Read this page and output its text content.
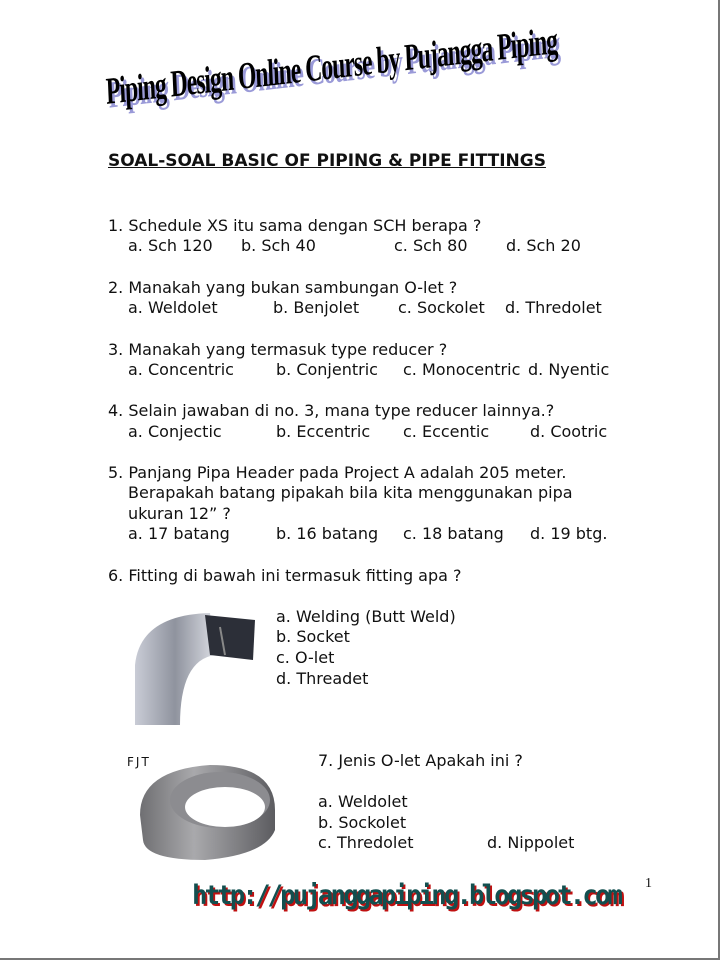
Piping Design Online Course by Pujangga Piping
SOAL-SOAL BASIC OF PIPING & PIPE FITTINGS
1. Schedule XS itu sama dengan SCH berapa ?
a. Sch 120 b. Sch 40	c. Sch 80 d. Sch 20
2. Manakah yang bukan sambungan O-let ?
a. Weldolet	b. Benjolet c. Sockolet d. Thredolet
3. Manakah yang termasuk type reducer ?
a. Concentric	b. Conjentric c. Monocentric d. Nyentic
4. Selain jawaban di no. 3, mana type reducer lainnya.?
a. Conjectic	b. Eccentric c. Eccentic	d. Cootric
5. Panjang Pipa Header pada Project A adalah 205 meter.
Berapakah batang pipakah bila kita menggunakan pipa
ukuran 12” ?
a. 17 batang	b. 16 batang c. 18 batang d. 19 btg.
6. Fitting di bawah ini termasuk fitting apa ?
a. Welding (Butt Weld)
b. Socket
c. O-let
d. Threadet
FJT	7. Jenis O-let Apakah ini ?
a. Weldolet
b. Sockolet
c. Thredolet	d. Nippolet
http://pujanggapiping.blogspot.com 1
